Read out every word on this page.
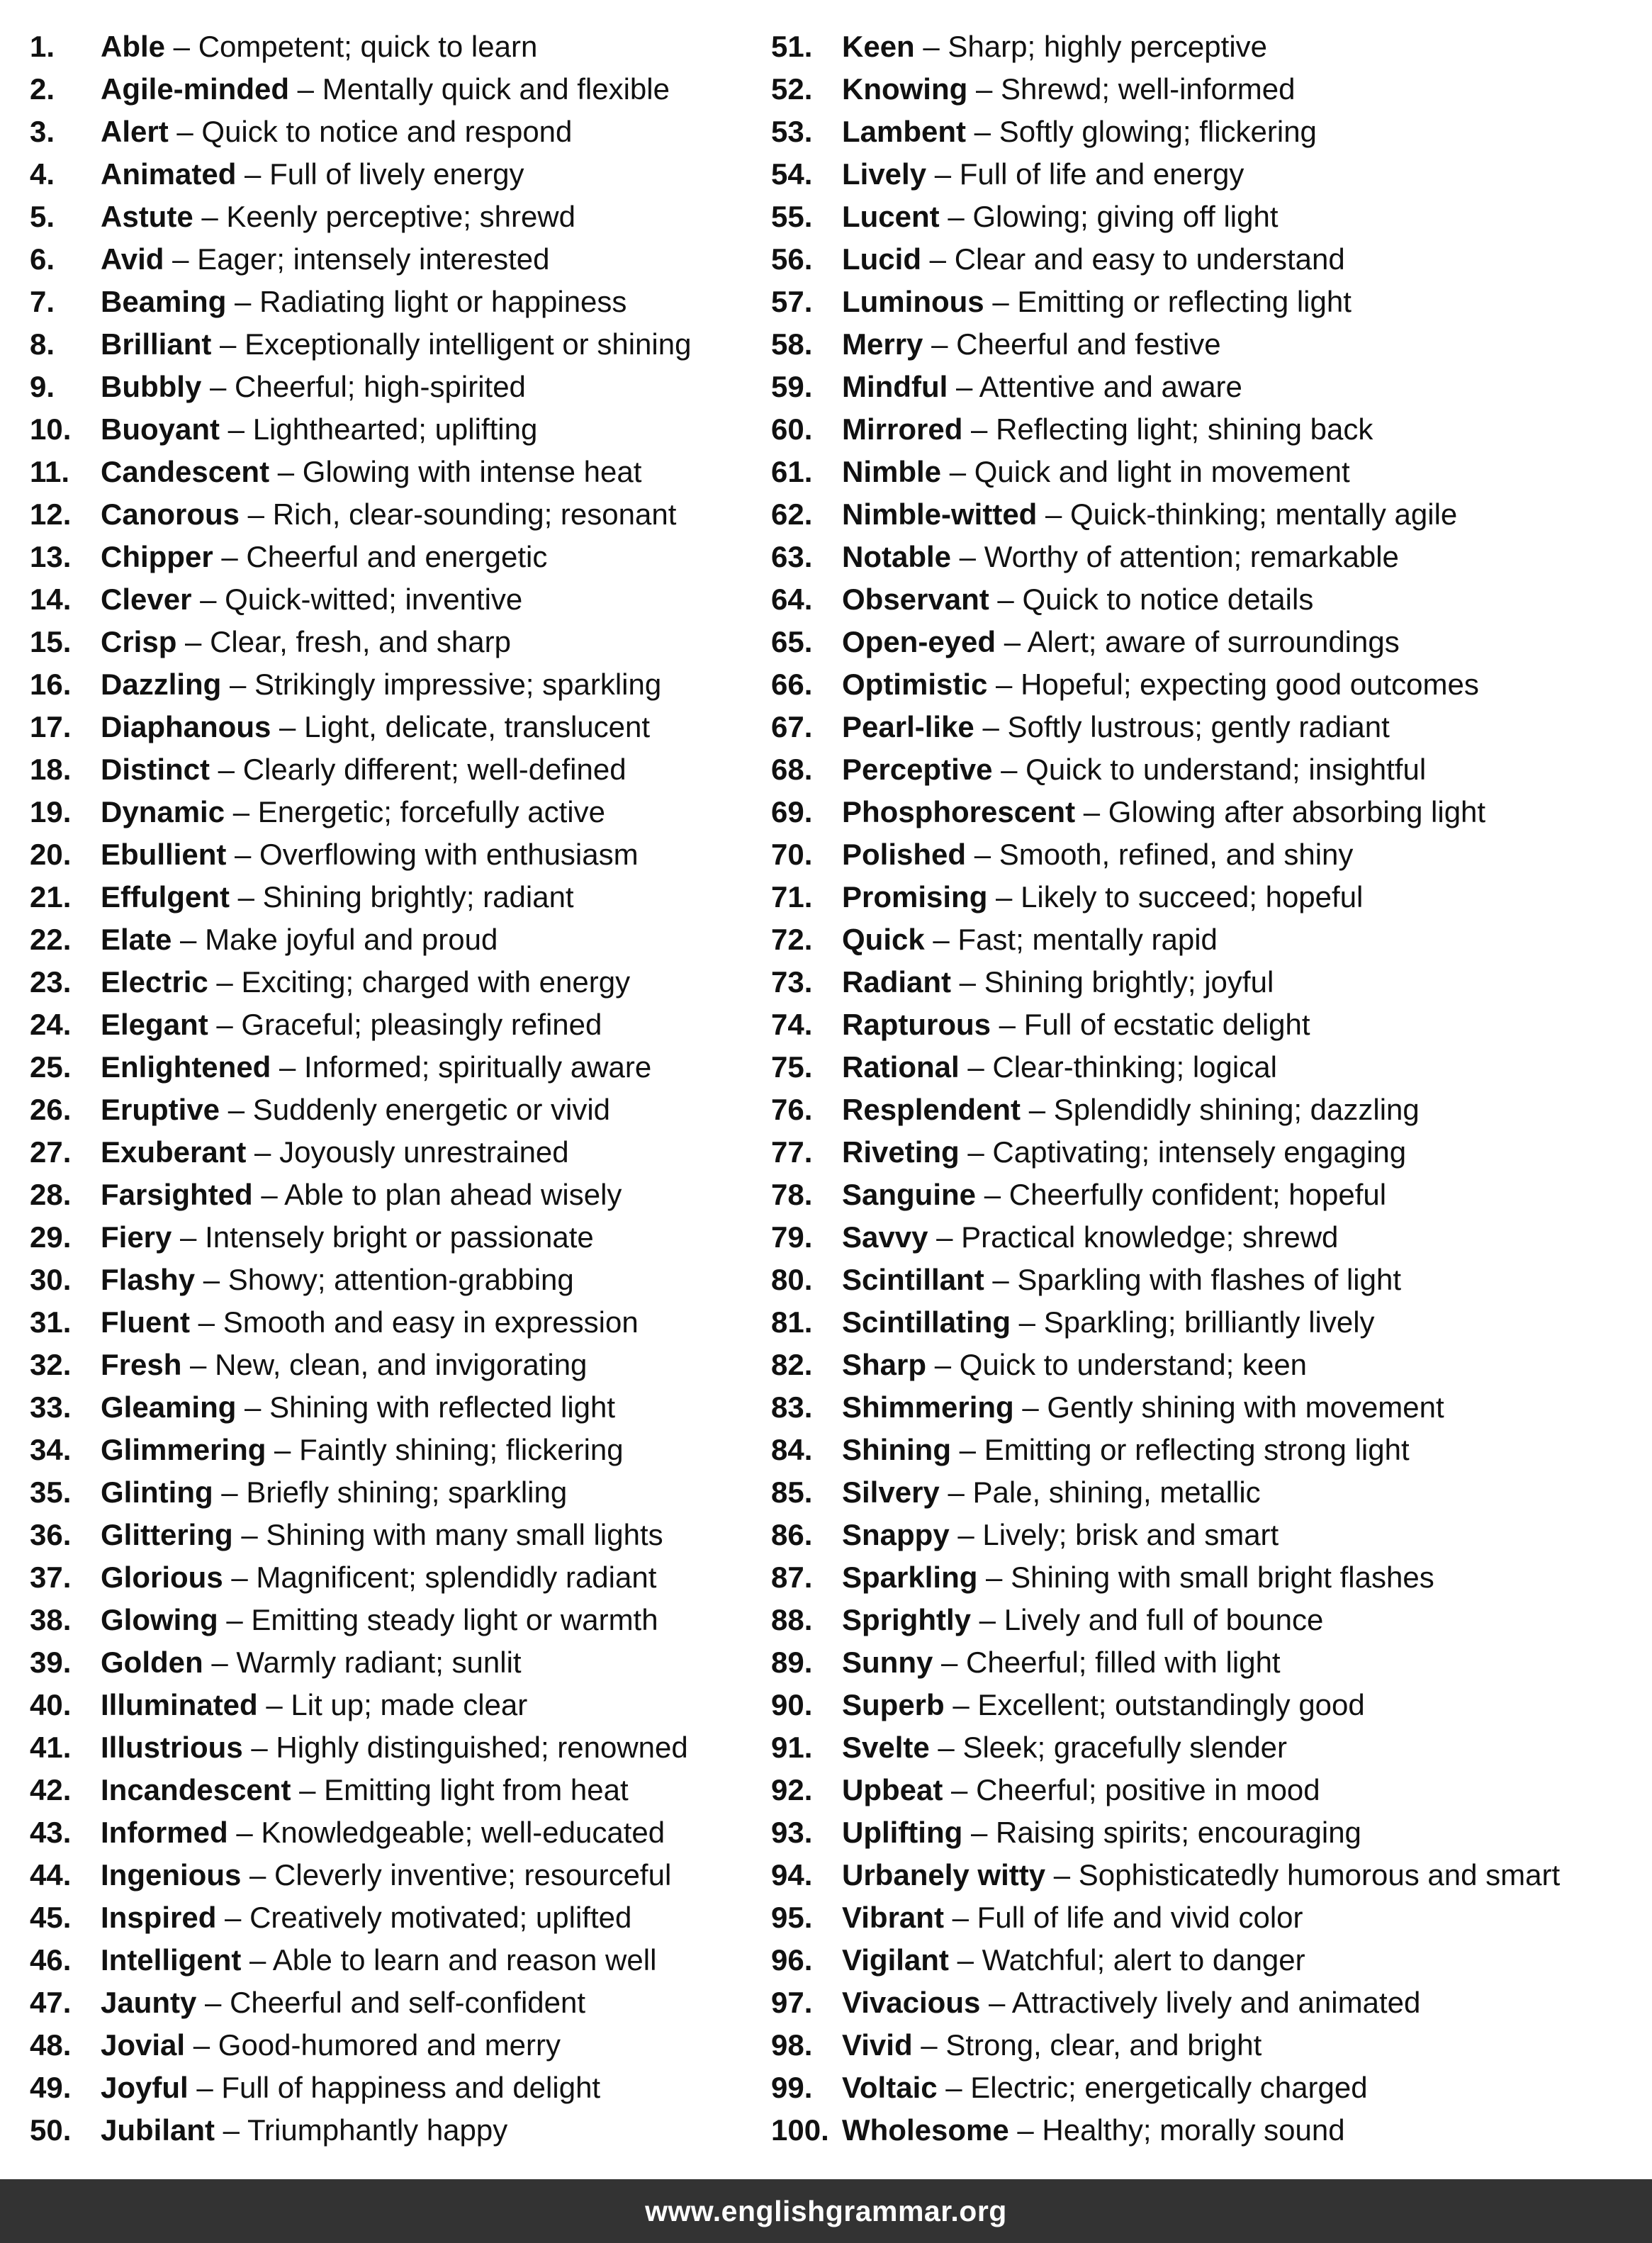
1. Able – Competent; quick to learn
2. Agile-minded – Mentally quick and flexible
3. Alert – Quick to notice and respond
4. Animated – Full of lively energy
5. Astute – Keenly perceptive; shrewd
6. Avid – Eager; intensely interested
7. Beaming – Radiating light or happiness
8. Brilliant – Exceptionally intelligent or shining
9. Bubbly – Cheerful; high-spirited
10. Buoyant – Lighthearted; uplifting
11. Candescent – Glowing with intense heat
12. Canorous – Rich, clear-sounding; resonant
13. Chipper – Cheerful and energetic
14. Clever – Quick-witted; inventive
15. Crisp – Clear, fresh, and sharp
16. Dazzling – Strikingly impressive; sparkling
17. Diaphanous – Light, delicate, translucent
18. Distinct – Clearly different; well-defined
19. Dynamic – Energetic; forcefully active
20. Ebullient – Overflowing with enthusiasm
21. Effulgent – Shining brightly; radiant
22. Elate – Make joyful and proud
23. Electric – Exciting; charged with energy
24. Elegant – Graceful; pleasingly refined
25. Enlightened – Informed; spiritually aware
26. Eruptive – Suddenly energetic or vivid
27. Exuberant – Joyously unrestrained
28. Farsighted – Able to plan ahead wisely
29. Fiery – Intensely bright or passionate
30. Flashy – Showy; attention-grabbing
31. Fluent – Smooth and easy in expression
32. Fresh – New, clean, and invigorating
33. Gleaming – Shining with reflected light
34. Glimmering – Faintly shining; flickering
35. Glinting – Briefly shining; sparkling
36. Glittering – Shining with many small lights
37. Glorious – Magnificent; splendidly radiant
38. Glowing – Emitting steady light or warmth
39. Golden – Warmly radiant; sunlit
40. Illuminated – Lit up; made clear
41. Illustrious – Highly distinguished; renowned
42. Incandescent – Emitting light from heat
43. Informed – Knowledgeable; well-educated
44. Ingenious – Cleverly inventive; resourceful
45. Inspired – Creatively motivated; uplifted
46. Intelligent – Able to learn and reason well
47. Jaunty – Cheerful and self-confident
48. Jovial – Good-humored and merry
49. Joyful – Full of happiness and delight
50. Jubilant – Triumphantly happy
51. Keen – Sharp; highly perceptive
52. Knowing – Shrewd; well-informed
53. Lambent – Softly glowing; flickering
54. Lively – Full of life and energy
55. Lucent – Glowing; giving off light
56. Lucid – Clear and easy to understand
57. Luminous – Emitting or reflecting light
58. Merry – Cheerful and festive
59. Mindful – Attentive and aware
60. Mirrored – Reflecting light; shining back
61. Nimble – Quick and light in movement
62. Nimble-witted – Quick-thinking; mentally agile
63. Notable – Worthy of attention; remarkable
64. Observant – Quick to notice details
65. Open-eyed – Alert; aware of surroundings
66. Optimistic – Hopeful; expecting good outcomes
67. Pearl-like – Softly lustrous; gently radiant
68. Perceptive – Quick to understand; insightful
69. Phosphorescent – Glowing after absorbing light
70. Polished – Smooth, refined, and shiny
71. Promising – Likely to succeed; hopeful
72. Quick – Fast; mentally rapid
73. Radiant – Shining brightly; joyful
74. Rapturous – Full of ecstatic delight
75. Rational – Clear-thinking; logical
76. Resplendent – Splendidly shining; dazzling
77. Riveting – Captivating; intensely engaging
78. Sanguine – Cheerfully confident; hopeful
79. Savvy – Practical knowledge; shrewd
80. Scintillant – Sparkling with flashes of light
81. Scintillating – Sparkling; brilliantly lively
82. Sharp – Quick to understand; keen
83. Shimmering – Gently shining with movement
84. Shining – Emitting or reflecting strong light
85. Silvery – Pale, shining, metallic
86. Snappy – Lively; brisk and smart
87. Sparkling – Shining with small bright flashes
88. Sprightly – Lively and full of bounce
89. Sunny – Cheerful; filled with light
90. Superb – Excellent; outstandingly good
91. Svelte – Sleek; gracefully slender
92. Upbeat – Cheerful; positive in mood
93. Uplifting – Raising spirits; encouraging
94. Urbanely witty – Sophisticatedly humorous and smart
95. Vibrant – Full of life and vivid color
96. Vigilant – Watchful; alert to danger
97. Vivacious – Attractively lively and animated
98. Vivid – Strong, clear, and bright
99. Voltaic – Electric; energetically charged
100. Wholesome – Healthy; morally sound
www.englishgrammar.org
